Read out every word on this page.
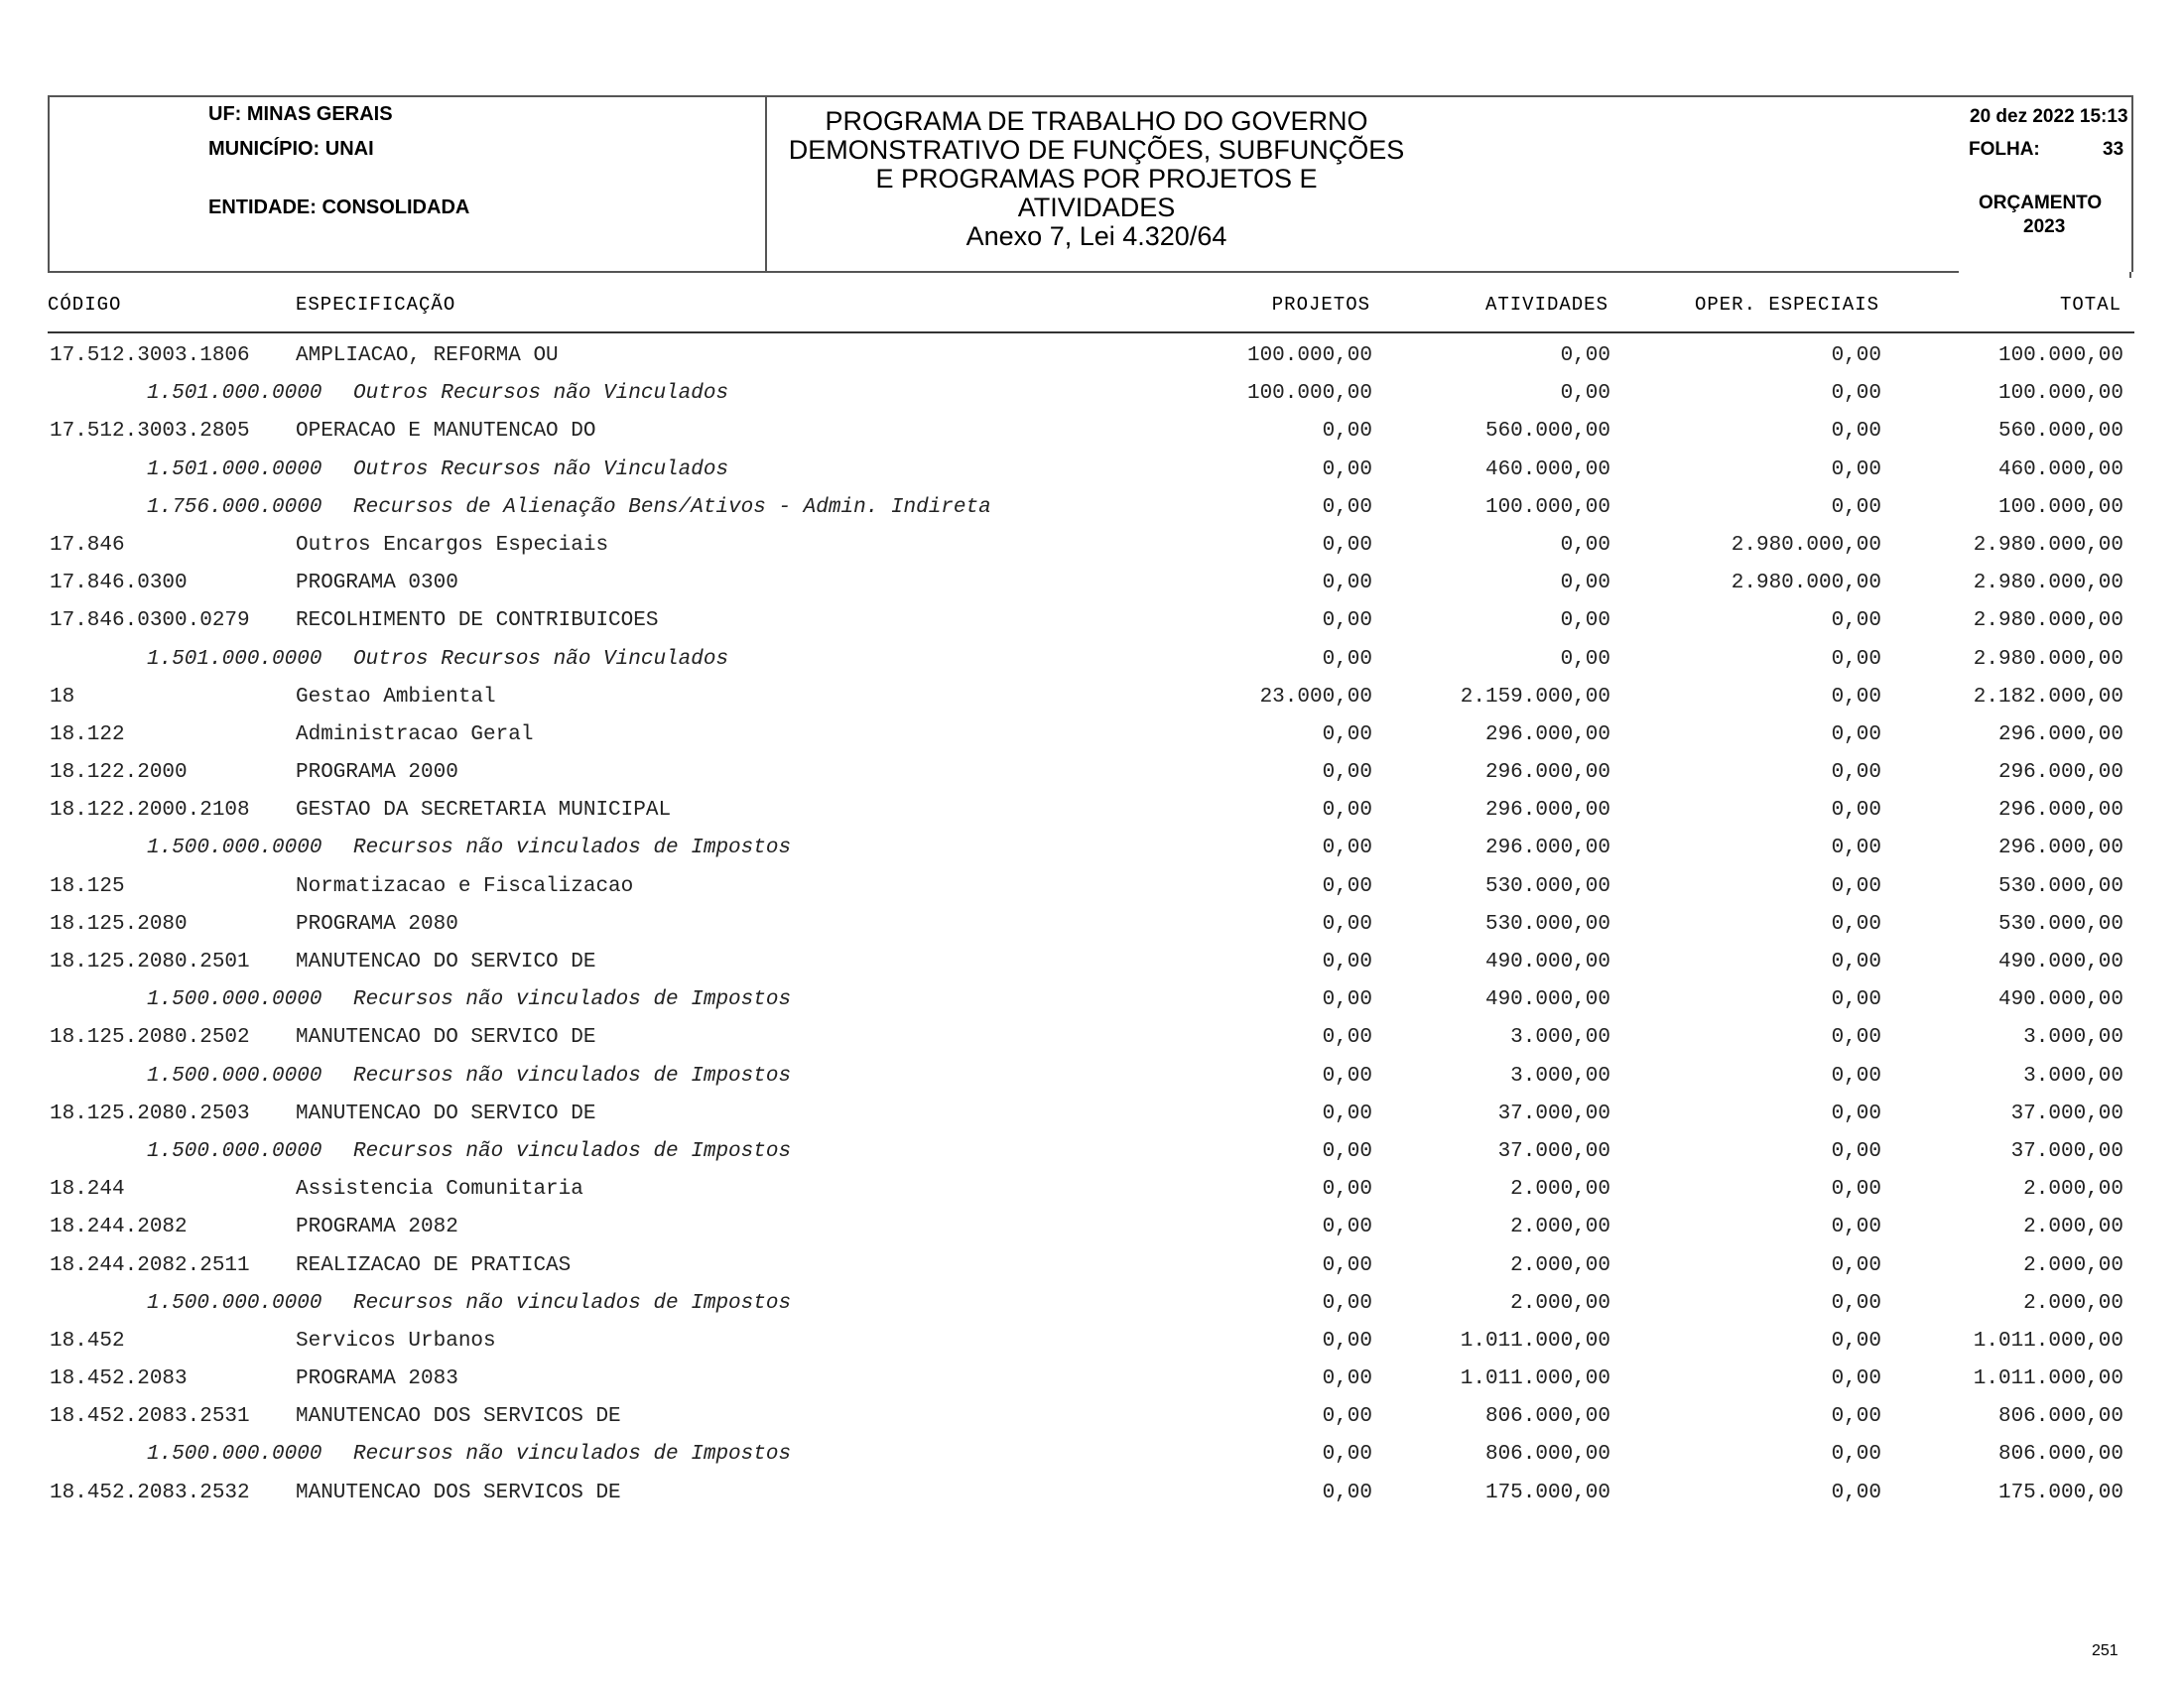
UF: MINAS GERAIS
MUNICÍPIO: UNAI
ENTIDADE: CONSOLIDADA
PROGRAMA DE TRABALHO DO GOVERNO
DEMONSTRATIVO DE FUNÇÕES, SUBFUNÇÕES
E PROGRAMAS POR PROJETOS E
ATIVIDADES
Anexo 7, Lei 4.320/64
20 dez 2022 15:13
FOLHA:	33
ORÇAMENTO
2023
CÓDIGO	ESPECIFICAÇÃO	PROJETOS	ATIVIDADES	OPER. ESPECIAIS	TOTAL
17.512.3003.1806 AMPLIACAO, REFORMA OU	100.000,00	0,00	0,00	100.000,00
1.501.000.0000 Outros Recursos não Vinculados	100.000,00	0,00	0,00	100.000,00
17.512.3003.2805 OPERACAO E MANUTENCAO DO	0,00	560.000,00	0,00	560.000,00
1.501.000.0000 Outros Recursos não Vinculados	0,00	460.000,00	0,00	460.000,00
1.756.000.0000 Recursos de Alienação Bens/Ativos - Admin. Indireta	0,00	100.000,00	0,00	100.000,00
17.846	Outros Encargos Especiais	0,00	0,00	2.980.000,00	2.980.000,00
17.846.0300	PROGRAMA 0300	0,00	0,00	2.980.000,00	2.980.000,00
17.846.0300.0279 RECOLHIMENTO DE CONTRIBUICOES	0,00	0,00	0,00	2.980.000,00
1.501.000.0000 Outros Recursos não Vinculados	0,00	0,00	0,00	2.980.000,00
18	Gestao Ambiental	23.000,00	2.159.000,00	0,00	2.182.000,00
18.122	Administracao Geral	0,00	296.000,00	0,00	296.000,00
18.122.2000	PROGRAMA 2000	0,00	296.000,00	0,00	296.000,00
18.122.2000.2108 GESTAO DA SECRETARIA MUNICIPAL	0,00	296.000,00	0,00	296.000,00
1.500.000.0000 Recursos não vinculados de Impostos	0,00	296.000,00	0,00	296.000,00
18.125	Normatizacao e Fiscalizacao	0,00	530.000,00	0,00	530.000,00
18.125.2080	PROGRAMA 2080	0,00	530.000,00	0,00	530.000,00
18.125.2080.2501 MANUTENCAO DO SERVICO DE	0,00	490.000,00	0,00	490.000,00
1.500.000.0000 Recursos não vinculados de Impostos	0,00	490.000,00	0,00	490.000,00
18.125.2080.2502 MANUTENCAO DO SERVICO DE	0,00	3.000,00	0,00	3.000,00
1.500.000.0000 Recursos não vinculados de Impostos	0,00	3.000,00	0,00	3.000,00
18.125.2080.2503 MANUTENCAO DO SERVICO DE	0,00	37.000,00	0,00	37.000,00
1.500.000.0000 Recursos não vinculados de Impostos	0,00	37.000,00	0,00	37.000,00
18.244	Assistencia Comunitaria	0,00	2.000,00	0,00	2.000,00
18.244.2082	PROGRAMA 2082	0,00	2.000,00	0,00	2.000,00
18.244.2082.2511 REALIZACAO DE PRATICAS	0,00	2.000,00	0,00	2.000,00
1.500.000.0000 Recursos não vinculados de Impostos	0,00	2.000,00	0,00	2.000,00
18.452	Servicos Urbanos	0,00	1.011.000,00	0,00	1.011.000,00
18.452.2083	PROGRAMA 2083	0,00	1.011.000,00	0,00	1.011.000,00
18.452.2083.2531 MANUTENCAO DOS SERVICOS DE	0,00	806.000,00	0,00	806.000,00
1.500.000.0000 Recursos não vinculados de Impostos	0,00	806.000,00	0,00	806.000,00
18.452.2083.2532 MANUTENCAO DOS SERVICOS DE	0,00	175.000,00	0,00	175.000,00
251
